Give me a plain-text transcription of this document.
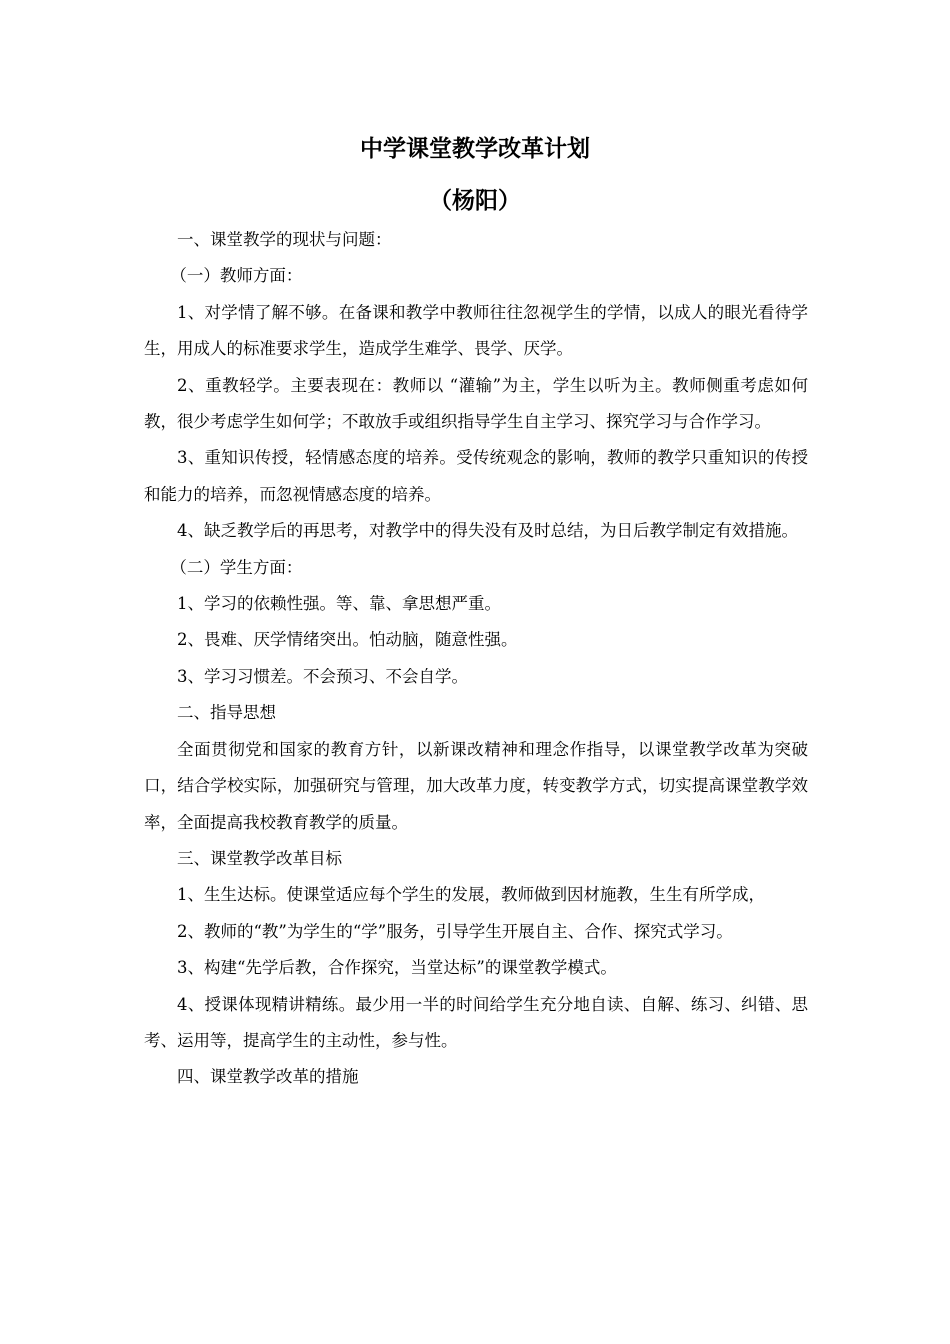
中学课堂教学改革计划
（杨阳）

一、课堂教学的现状与问题：

（一）教师方面：

1、对学情了解不够。在备课和教学中教师往往忽视学生的学情，以成人的眼光看待学生，用成人的标准要求学生，造成学生难学、畏学、厌学。

2、重教轻学。主要表现在：教师以 “灌输”为主，学生以听为主。教师侧重考虑如何教，很少考虑学生如何学；不敢放手或组织指导学生自主学习、探究学习与合作学习。

3、重知识传授，轻情感态度的培养。受传统观念的影响，教师的教学只重知识的传授和能力的培养，而忽视情感态度的培养。

4、缺乏教学后的再思考，对教学中的得失没有及时总结，为日后教学制定有效措施。

（二）学生方面：

1、学习的依赖性强。等、靠、拿思想严重。

2、畏难、厌学情绪突出。怕动脑，随意性强。

3、学习习惯差。不会预习、不会自学。

二、指导思想

全面贯彻党和国家的教育方针，以新课改精神和理念作指导，以课堂教学改革为突破口，结合学校实际，加强研究与管理，加大改革力度，转变教学方式，切实提高课堂教学效率，全面提高我校教育教学的质量。

三、课堂教学改革目标

1、生生达标。使课堂适应每个学生的发展，教师做到因材施教，生生有所学成，

2、教师的“教”为学生的“学”服务，引导学生开展自主、合作、探究式学习。

3、构建“先学后教，合作探究，当堂达标”的课堂教学模式。

4、授课体现精讲精练。最少用一半的时间给学生充分地自读、自解、练习、纠错、思考、运用等，提高学生的主动性，参与性。

四、课堂教学改革的措施
